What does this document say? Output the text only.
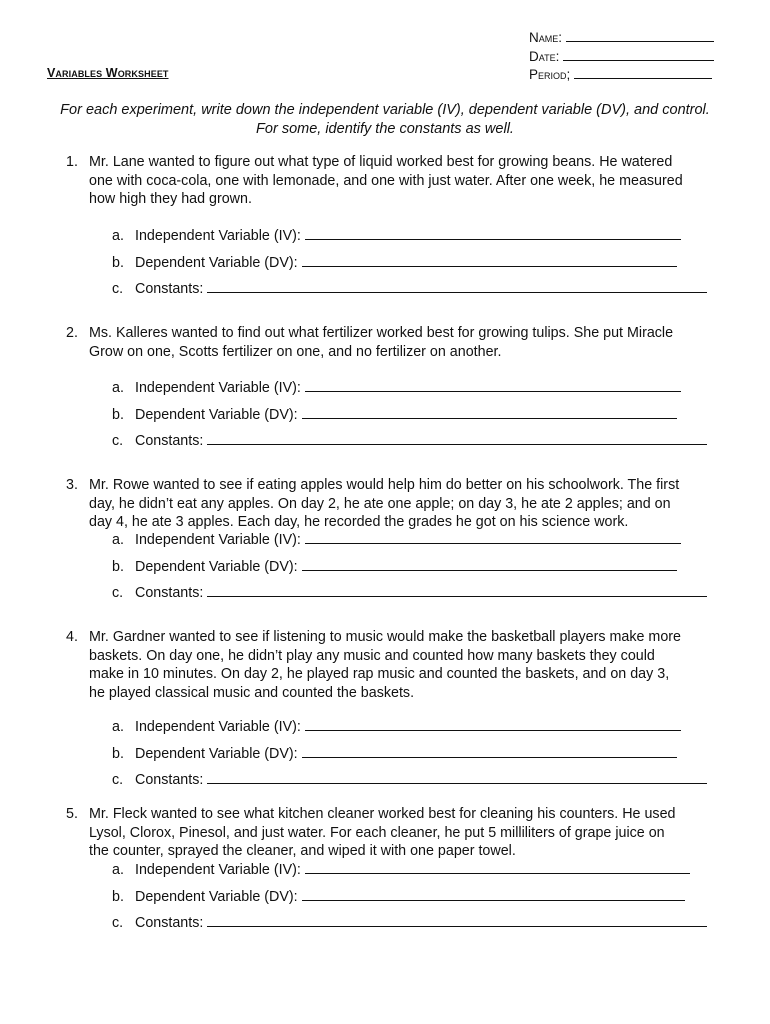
Name:
Date:
Period;
Variables Worksheet
For each experiment, write down the independent variable (IV), dependent variable (DV), and control.
For some, identify the constants as well.
1. Mr. Lane wanted to figure out what type of liquid worked best for growing beans. He watered
one with coca-cola, one with lemonade, and one with just water. After one week, he measured
how high they had grown.
a. Independent Variable (IV):
b. Dependent Variable (DV):
c. Constants:
2. Ms. Kalleres wanted to find out what fertilizer worked best for growing tulips. She put Miracle
Grow on one, Scotts fertilizer on one, and no fertilizer on another.
a. Independent Variable (IV):
b. Dependent Variable (DV):
c. Constants:
3. Mr. Rowe wanted to see if eating apples would help him do better on his schoolwork. The first
day, he didn’t eat any apples. On day 2, he ate one apple; on day 3, he ate 2 apples; and on
day 4, he ate 3 apples. Each day, he recorded the grades he got on his science work.
a. Independent Variable (IV):
b. Dependent Variable (DV):
c. Constants:
4. Mr. Gardner wanted to see if listening to music would make the basketball players make more
baskets. On day one, he didn’t play any music and counted how many baskets they could
make in 10 minutes. On day 2, he played rap music and counted the baskets, and on day 3,
he played classical music and counted the baskets.
a. Independent Variable (IV):
b. Dependent Variable (DV):
c. Constants:
5. Mr. Fleck wanted to see what kitchen cleaner worked best for cleaning his counters. He used
Lysol, Clorox, Pinesol, and just water. For each cleaner, he put 5 milliliters of grape juice on
the counter, sprayed the cleaner, and wiped it with one paper towel.
a. Independent Variable (IV):
b. Dependent Variable (DV):
c. Constants:
